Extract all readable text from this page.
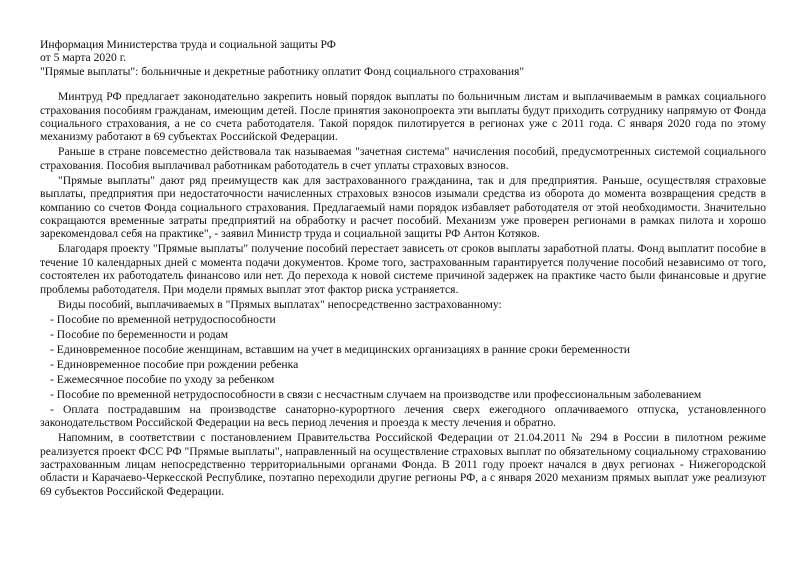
Информация Министерства труда и социальной защиты РФ

от 5 марта 2020 г.

"Прямые выплаты": больничные и декретные работнику оплатит Фонд социального страхования"

Минтруд РФ предлагает законодательно закрепить новый порядок выплаты по больничным листам и выплачиваемым в рамках социального страхования пособиям гражданам, имеющим детей. После принятия законопроекта эти выплаты будут приходить сотруднику напрямую от Фонда социального страхования, а не со счета работодателя. Такой порядок пилотируется в регионах уже с 2011 года. С января 2020 года по этому механизму работают в 69 субъектах Российской Федерации.

Раньше в стране повсеместно действовала так называемая "зачетная система" начисления пособий, предусмотренных системой социального страхования. Пособия выплачивал работникам работодатель в счет уплаты страховых взносов.

"Прямые выплаты" дают ряд преимуществ как для застрахованного гражданина, так и для предприятия. Раньше, осуществляя страховые выплаты, предприятия при недостаточности начисленных страховых взносов изымали средства из оборота до момента возвращения средств в компанию со счетов Фонда социального страхования. Предлагаемый нами порядок избавляет работодателя от этой необходимости. Значительно сокращаются временные затраты предприятий на обработку и расчет пособий. Механизм уже проверен регионами в рамках пилота и хорошо зарекомендовал себя на практике", - заявил Министр труда и социальной защиты РФ Антон Котяков.

Благодаря проекту "Прямые выплаты" получение пособий перестает зависеть от сроков выплаты заработной платы. Фонд выплатит пособие в течение 10 календарных дней с момента подачи документов. Кроме того, застрахованным гарантируется получение пособий независимо от того, состоятелен их работодатель финансово или нет. До перехода к новой системе причиной задержек на практике часто были финансовые и другие проблемы работодателя. При модели прямых выплат этот фактор риска устраняется.

Виды пособий, выплачиваемых в "Прямых выплатах" непосредственно застрахованному:

- Пособие по временной нетрудоспособности
- Пособие по беременности и родам
- Единовременное пособие женщинам, вставшим на учет в медицинских организациях в ранние сроки беременности
- Единовременное пособие при рождении ребенка
- Ежемесячное пособие по уходу за ребенком
- Пособие по временной нетрудоспособности в связи с несчастным случаем на производстве или профессиональным заболеванием
- Оплата пострадавшим на производстве санаторно-курортного лечения сверх ежегодного оплачиваемого отпуска, установленного законодательством Российской Федерации на весь период лечения и проезда к месту лечения и обратно.

Напомним, в соответствии с постановлением Правительства Российской Федерации от 21.04.2011 № 294 в России в пилотном режиме реализуется проект ФСС РФ "Прямые выплаты", направленный на осуществление страховых выплат по обязательному социальному страхованию застрахованным лицам непосредственно территориальными органами Фонда. В 2011 году проект начался в двух регионах - Нижегородской области и Карачаево-Черкесской Республике, поэтапно переходили другие регионы РФ, а с января 2020 механизм прямых выплат уже реализуют 69 субъектов Российской Федерации.
